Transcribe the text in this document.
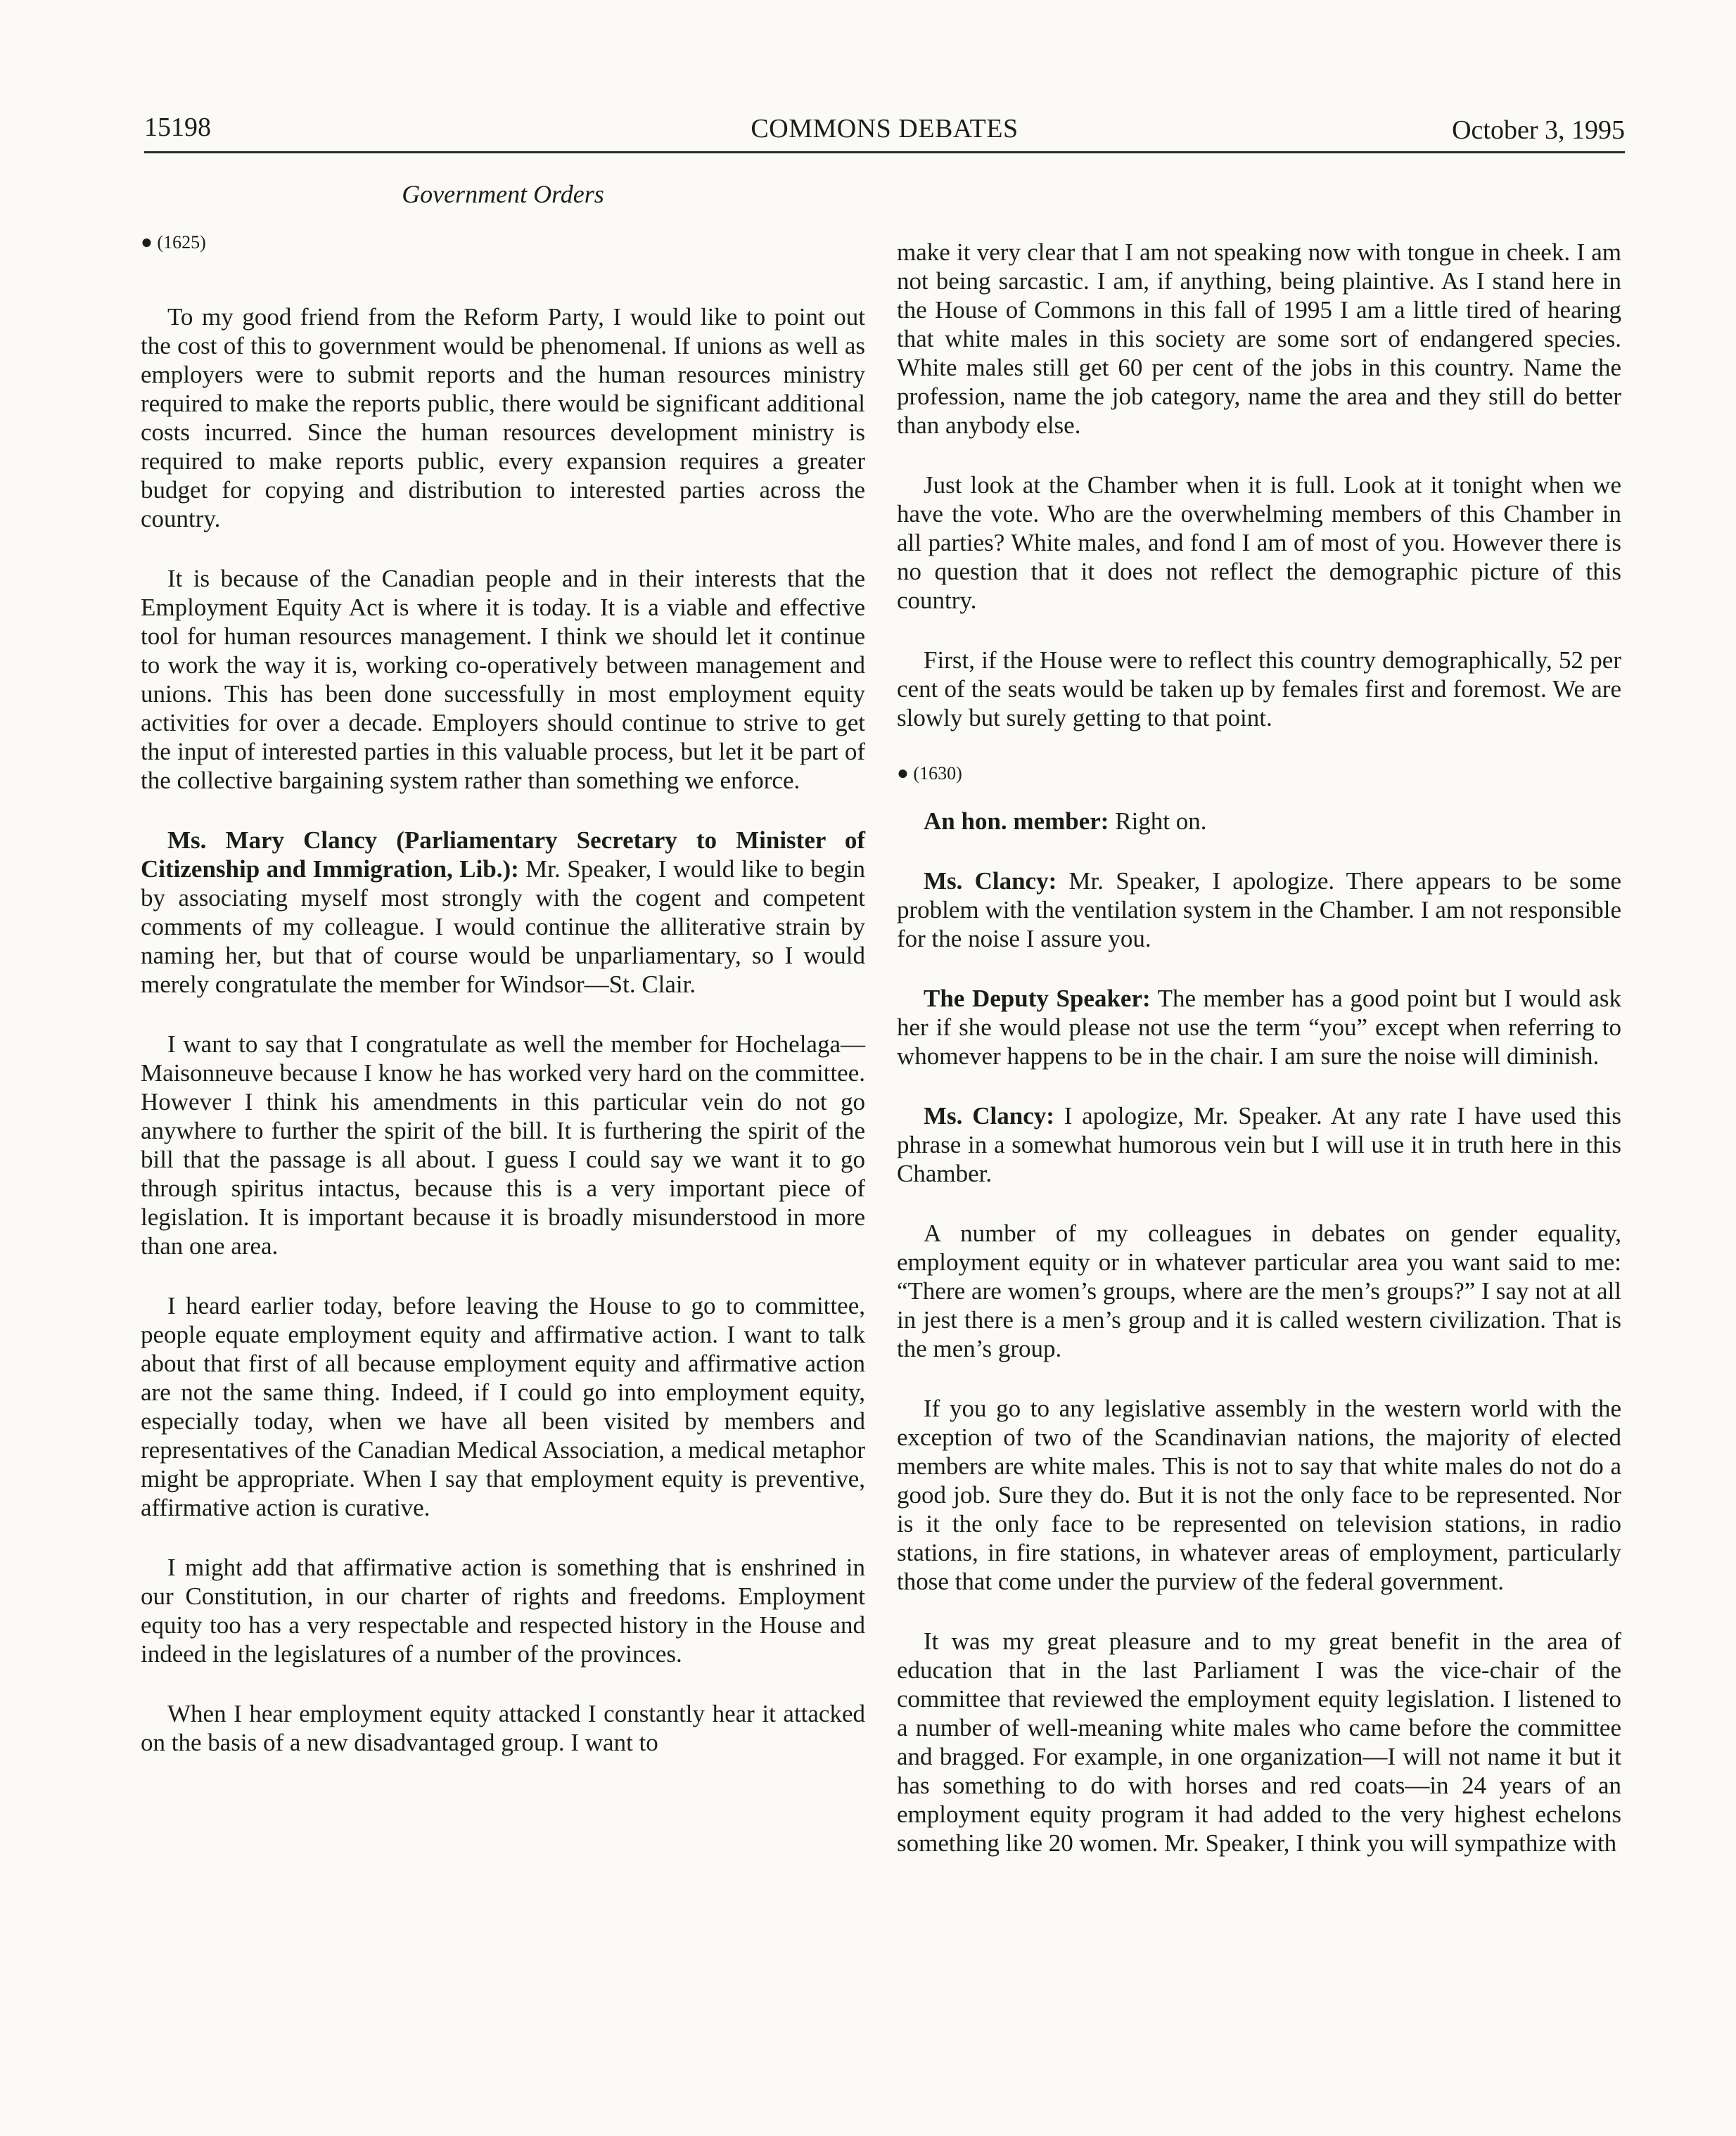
15198	COMMONS DEBATES	October 3, 1995
Government Orders
● (1625)

To my good friend from the Reform Party, I would like to point out the cost of this to government would be phenomenal. If unions as well as employers were to submit reports and the human resources ministry required to make the reports public, there would be significant additional costs incurred. Since the human resources development ministry is required to make reports public, every expansion requires a greater budget for copying and distribution to interested parties across the country.

It is because of the Canadian people and in their interests that the Employment Equity Act is where it is today. It is a viable and effective tool for human resources management. I think we should let it continue to work the way it is, working co-operatively between management and unions. This has been done successfully in most employment equity activities for over a decade. Employers should continue to strive to get the input of interested parties in this valuable process, but let it be part of the collective bargaining system rather than something we enforce.

Ms. Mary Clancy (Parliamentary Secretary to Minister of Citizenship and Immigration, Lib.): Mr. Speaker, I would like to begin by associating myself most strongly with the cogent and competent comments of my colleague. I would continue the alliterative strain by naming her, but that of course would be unparliamentary, so I would merely congratulate the member for Windsor—St. Clair.

I want to say that I congratulate as well the member for Hochelaga—Maisonneuve because I know he has worked very hard on the committee. However I think his amendments in this particular vein do not go anywhere to further the spirit of the bill. It is furthering the spirit of the bill that the passage is all about. I guess I could say we want it to go through spiritus intactus, because this is a very important piece of legislation. It is important because it is broadly misunderstood in more than one area.

I heard earlier today, before leaving the House to go to committee, people equate employment equity and affirmative action. I want to talk about that first of all because employment equity and affirmative action are not the same thing. Indeed, if I could go into employment equity, especially today, when we have all been visited by members and representatives of the Canadian Medical Association, a medical metaphor might be appropriate. When I say that employment equity is preventive, affirmative action is curative.

I might add that affirmative action is something that is enshrined in our Constitution, in our charter of rights and freedoms. Employment equity too has a very respectable and respected history in the House and indeed in the legislatures of a number of the provinces.

When I hear employment equity attacked I constantly hear it attacked on the basis of a new disadvantaged group. I want to

make it very clear that I am not speaking now with tongue in cheek. I am not being sarcastic. I am, if anything, being plaintive. As I stand here in the House of Commons in this fall of 1995 I am a little tired of hearing that white males in this society are some sort of endangered species. White males still get 60 per cent of the jobs in this country. Name the profession, name the job category, name the area and they still do better than anybody else.

Just look at the Chamber when it is full. Look at it tonight when we have the vote. Who are the overwhelming members of this Chamber in all parties? White males, and fond I am of most of you. However there is no question that it does not reflect the demographic picture of this country.

First, if the House were to reflect this country demographically, 52 per cent of the seats would be taken up by females first and foremost. We are slowly but surely getting to that point.

● (1630)

An hon. member: Right on.

Ms. Clancy: Mr. Speaker, I apologize. There appears to be some problem with the ventilation system in the Chamber. I am not responsible for the noise I assure you.

The Deputy Speaker: The member has a good point but I would ask her if she would please not use the term “you” except when referring to whomever happens to be in the chair. I am sure the noise will diminish.

Ms. Clancy: I apologize, Mr. Speaker. At any rate I have used this phrase in a somewhat humorous vein but I will use it in truth here in this Chamber.

A number of my colleagues in debates on gender equality, employment equity or in whatever particular area you want said to me: “There are women’s groups, where are the men’s groups?” I say not at all in jest there is a men’s group and it is called western civilization. That is the men’s group.

If you go to any legislative assembly in the western world with the exception of two of the Scandinavian nations, the majority of elected members are white males. This is not to say that white males do not do a good job. Sure they do. But it is not the only face to be represented. Nor is it the only face to be represented on television stations, in radio stations, in fire stations, in whatever areas of employment, particularly those that come under the purview of the federal government.

It was my great pleasure and to my great benefit in the area of education that in the last Parliament I was the vice-chair of the committee that reviewed the employment equity legislation. I listened to a number of well-meaning white males who came before the committee and bragged. For example, in one organization—I will not name it but it has something to do with horses and red coats—in 24 years of an employment equity program it had added to the very highest echelons something like 20 women. Mr. Speaker, I think you will sympathize with
